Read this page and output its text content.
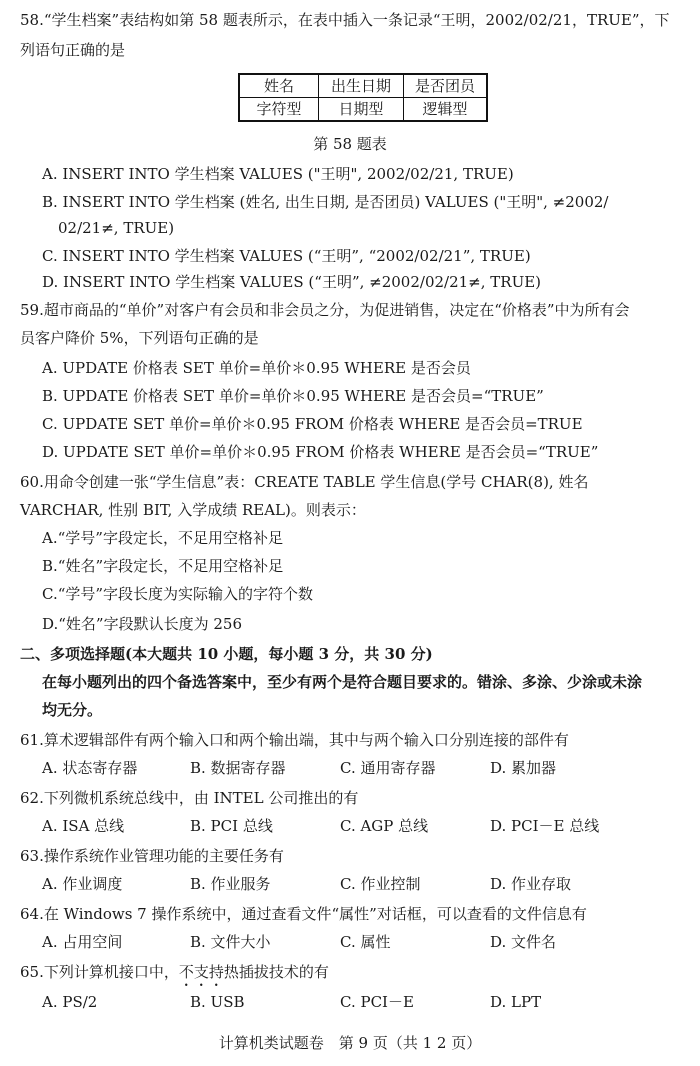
58.“学生档案”表结构如第 58 题表所示，在表中插入一条记录“王明，2002/02/21，TRUE”，下
列语句正确的是
姓名	出生日期	是否团员
字符型	日期型	逻辑型
第 58 题表
A. INSERT INTO 学生档案 VALUES ("王明", 2002/02/21, TRUE)
B. INSERT INTO 学生档案 (姓名, 出生日期, 是否团员) VALUES ("王明", ≠2002/
02/21≠, TRUE)
C. INSERT INTO 学生档案 VALUES (“王明”, “2002/02/21”, TRUE)
D. INSERT INTO 学生档案 VALUES (“王明”, ≠2002/02/21≠, TRUE)
59.超市商品的“单价”对客户有会员和非会员之分，为促进销售，决定在“价格表”中为所有会
员客户降价 5%，下列语句正确的是
A. UPDATE 价格表 SET 单价=单价＊0.95 WHERE 是否会员
B. UPDATE 价格表 SET 单价=单价＊0.95 WHERE 是否会员=“TRUE”
C. UPDATE SET 单价=单价＊0.95 FROM 价格表 WHERE 是否会员=TRUE
D. UPDATE SET 单价=单价＊0.95 FROM 价格表 WHERE 是否会员=“TRUE”
60.用命令创建一张“学生信息”表：CREATE TABLE 学生信息(学号 CHAR(8), 姓名
VARCHAR, 性别 BIT, 入学成绩 REAL)。则表示：
A.“学号”字段定长，不足用空格补足
B.“姓名”字段定长，不足用空格补足
C.“学号”字段长度为实际输入的字符个数
D.“姓名”字段默认长度为 256
二、多项选择题(本大题共 10 小题，每小题 3 分，共 30 分)
在每小题列出的四个备选答案中，至少有两个是符合题目要求的。错涂、多涂、少涂或未涂
均无分。
61.算术逻辑部件有两个输入口和两个输出端，其中与两个输入口分别连接的部件有
A. 状态寄存器	B. 数据寄存器	C. 通用寄存器	D. 累加器
62.下列微机系统总线中，由 INTEL 公司推出的有
A. ISA 总线	B. PCI 总线	C. AGP 总线	D. PCI－E 总线
63.操作系统作业管理功能的主要任务有
A. 作业调度	B. 作业服务	C. 作业控制	D. 作业存取
64.在 Windows 7 操作系统中，通过查看文件“属性”对话框，可以查看的文件信息有
A. 占用空间	B. 文件大小	C. 属性	D. 文件名
65.下列计算机接口中，不支持热插拔技术的有
A. PS/2	B. USB	C. PCI－E	D. LPT
计算机类试题卷　第 9 页（共 1 2 页）
